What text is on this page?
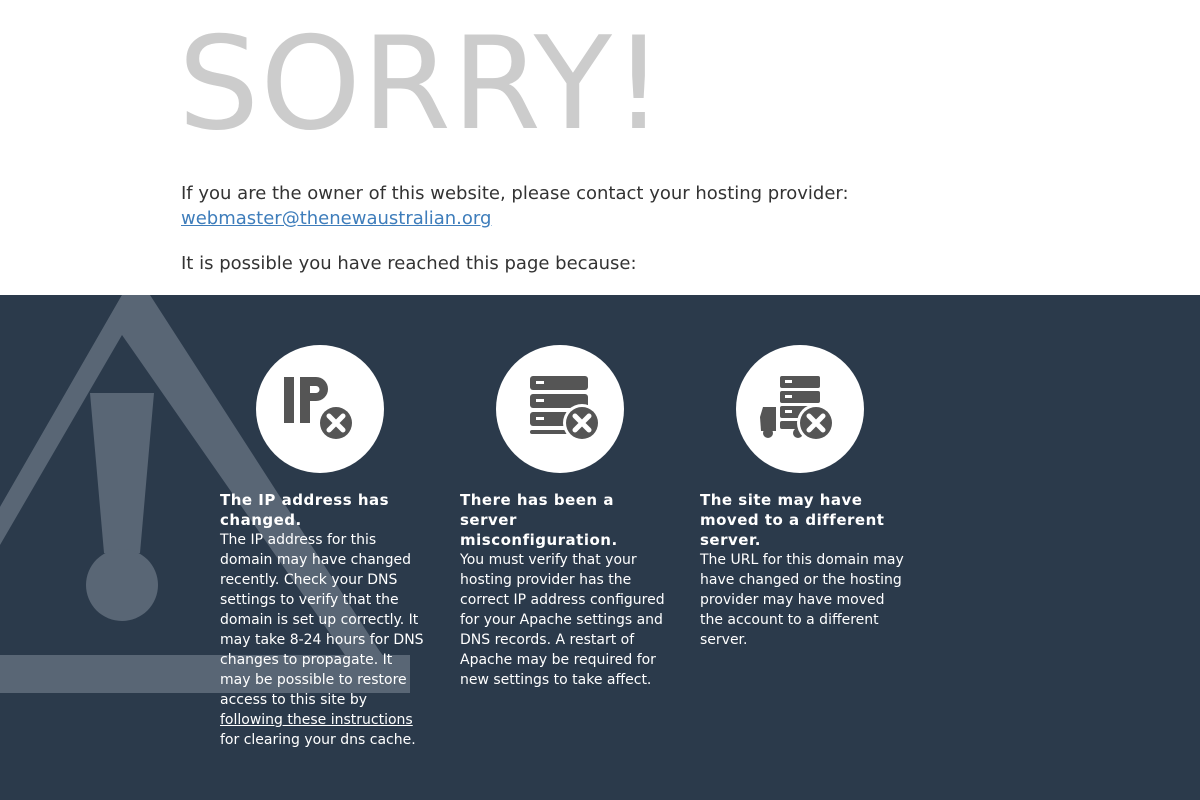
SORRY!
If you are the owner of this website, please contact your hosting provider:
webmaster@thenewaustralian.org
It is possible you have reached this page because:
The IP address has changed.
The IP address for this domain may have changed recently. Check your DNS settings to verify that the domain is set up correctly. It may take 8-24 hours for DNS changes to propagate. It may be possible to restore access to this site by following these instructions for clearing your dns cache.
There has been a server misconfiguration.
You must verify that your hosting provider has the correct IP address configured for your Apache settings and DNS records. A restart of Apache may be required for new settings to take affect.
The site may have moved to a different server.
The URL for this domain may have changed or the hosting provider may have moved the account to a different server.
